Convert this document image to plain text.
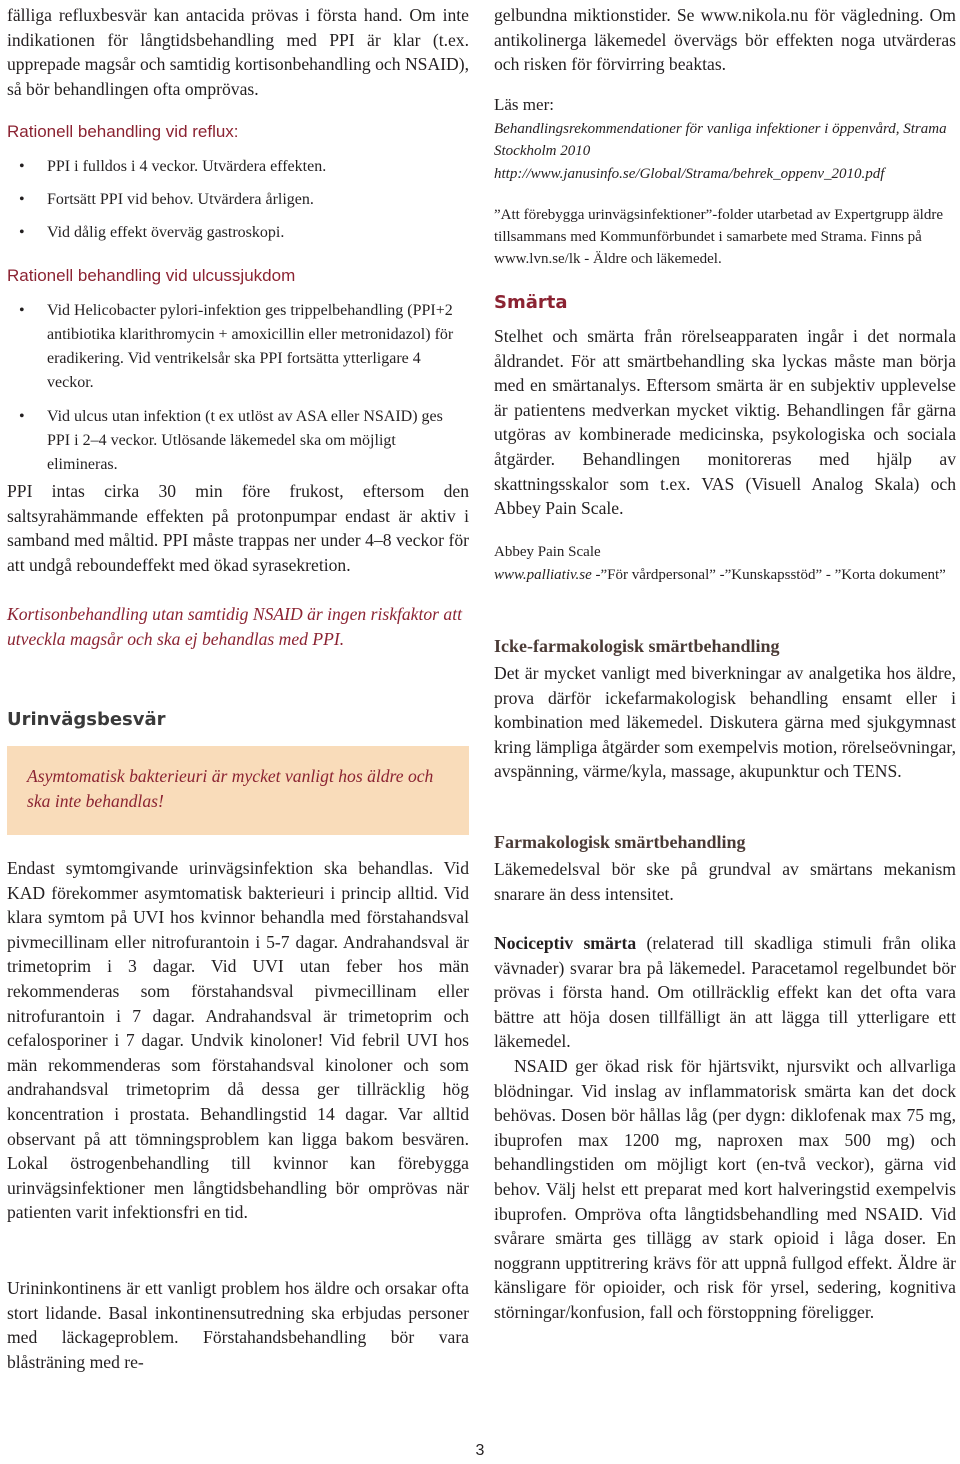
fälliga refluxbesvär kan antacida prövas i första hand. Om inte indikationen för långtidsbehandling med PPI är klar (t.ex. upprepade magsår och samtidig kortisonbehandling och NSAID), så bör behandlingen ofta omprövas.

Rationell behandling vid reflux:

• PPI i fulldos i 4 veckor. Utvärdera effekten.
• Fortsätt PPI vid behov. Utvärdera årligen.
• Vid dålig effekt överväg gastroskopi.

Rationell behandling vid ulcussjukdom

• Vid Helicobacter pylori-infektion ges trippelbehandling (PPI+2 antibiotika klarithromycin + amoxicillin eller metronidazol) för eradikering. Vid ventrikelsår ska PPI fortsätta ytterligare 4 veckor.
• Vid ulcus utan infektion (t ex utlöst av ASA eller NSAID) ges PPI i 2–4 veckor. Utlösande läkemedel ska om möjligt elimineras.

PPI intas cirka 30 min före frukost, eftersom den saltsyrahämmande effekten på protonpumpar endast är aktiv i samband med måltid. PPI måste trappas ner under 4–8 veckor för att undgå reboundeffekt med ökad syrasekretion.

Kortisonbehandling utan samtidig NSAID är ingen riskfaktor att utveckla magsår och ska ej behandlas med PPI.

Urinvägsbesvär

Asymtomatisk bakterieuri är mycket vanligt hos äldre och ska inte behandlas!

Endast symtomgivande urinvägsinfektion ska behandlas. Vid KAD förekommer asymtomatisk bakterieuri i princip alltid. Vid klara symtom på UVI hos kvinnor behandla med förstahandsval pivmecillinam eller nitrofurantoin i 5-7 dagar. Andrahandsval är trimetoprim i 3 dagar. Vid UVI utan feber hos män rekommenderas som förstahandsval pivmecillinam eller nitrofurantoin i 7 dagar. Andrahandsval är trimetoprim och cefalosporiner i 7 dagar. Undvik kinoloner! Vid febril UVI hos män rekommenderas som förstahandsval kinoloner och som andrahandsval trimetoprim då dessa ger tillräcklig hög koncentration i prostata. Behandlingstid 14 dagar. Var alltid observant på att tömningsproblem kan ligga bakom besvären. Lokal östrogenbehandling till kvinnor kan förebygga urinvägsinfektioner men långtidsbehandling bör omprövas när patienten varit infektionsfri en tid.

Urininkontinens är ett vanligt problem hos äldre och orsakar ofta stort lidande. Basal inkontinensutredning ska erbjudas personer med läckageproblem. Förstahandsbehandling bör vara blåsträning med re-

gelbundna miktionstider. Se www.nikola.nu för vägledning. Om antikolinerga läkemedel övervägs bör effekten noga utvärderas och risken för förvirring beaktas.

Läs mer:

Behandlingsrekommendationer för vanliga infektioner i öppenvård, Strama Stockholm 2010

http://www.janusinfo.se/Global/Strama/behrek_oppenv_2010.pdf

”Att förebygga urinvägsinfektioner”-folder utarbetad av Expertgrupp äldre tillsammans med Kommunförbundet i samarbete med Strama. Finns på www.lvn.se/lk - Äldre och läkemedel.

Smärta

Stelhet och smärta från rörelseapparaten ingår i det normala åldrandet. För att smärtbehandling ska lyckas måste man börja med en smärtanalys. Eftersom smärta är en subjektiv upplevelse är patientens medverkan mycket viktig. Behandlingen får gärna utgöras av kombinerade medicinska, psykologiska och sociala åtgärder. Behandlingen monitoreras med hjälp av skattningsskalor som t.ex. VAS (Visuell Analog Skala) och Abbey Pain Scale.

Abbey Pain Scale

www.palliativ.se -”För vårdpersonal” -”Kunskapsstöd” - ”Korta dokument”

Icke-farmakologisk smärtbehandling

Det är mycket vanligt med biverkningar av analgetika hos äldre, prova därför ickefarmakologisk behandling ensamt eller i kombination med läkemedel. Diskutera gärna med sjukgymnast kring lämpliga åtgärder som exempelvis motion, rörelseövningar, avspänning, värme/kyla, massage, akupunktur och TENS.

Farmakologisk smärtbehandling

Läkemedelsval bör ske på grundval av smärtans mekanism snarare än dess intensitet.

Nociceptiv smärta (relaterad till skadliga stimuli från olika vävnader) svarar bra på läkemedel. Paracetamol regelbundet bör prövas i första hand. Om otillräcklig effekt kan det ofta vara bättre att höja dosen tillfälligt än att lägga till ytterligare ett läkemedel.

NSAID ger ökad risk för hjärtsvikt, njursvikt och allvarliga blödningar. Vid inslag av inflammatorisk smärta kan det dock behövas. Dosen bör hållas låg (per dygn: diklofenak max 75 mg, ibuprofen max 1200 mg, naproxen max 500 mg) och behandlingstiden om möjligt kort (en-två veckor), gärna vid behov. Välj helst ett preparat med kort halveringstid exempelvis ibuprofen. Ompröva ofta långtidsbehandling med NSAID. Vid svårare smärta ges tillägg av stark opioid i låga doser. En noggrann upptitrering krävs för att uppnå fullgod effekt. Äldre är känsligare för opioider, och risk för yrsel, sedering, kognitiva störningar/konfusion, fall och förstoppning föreligger.

3
